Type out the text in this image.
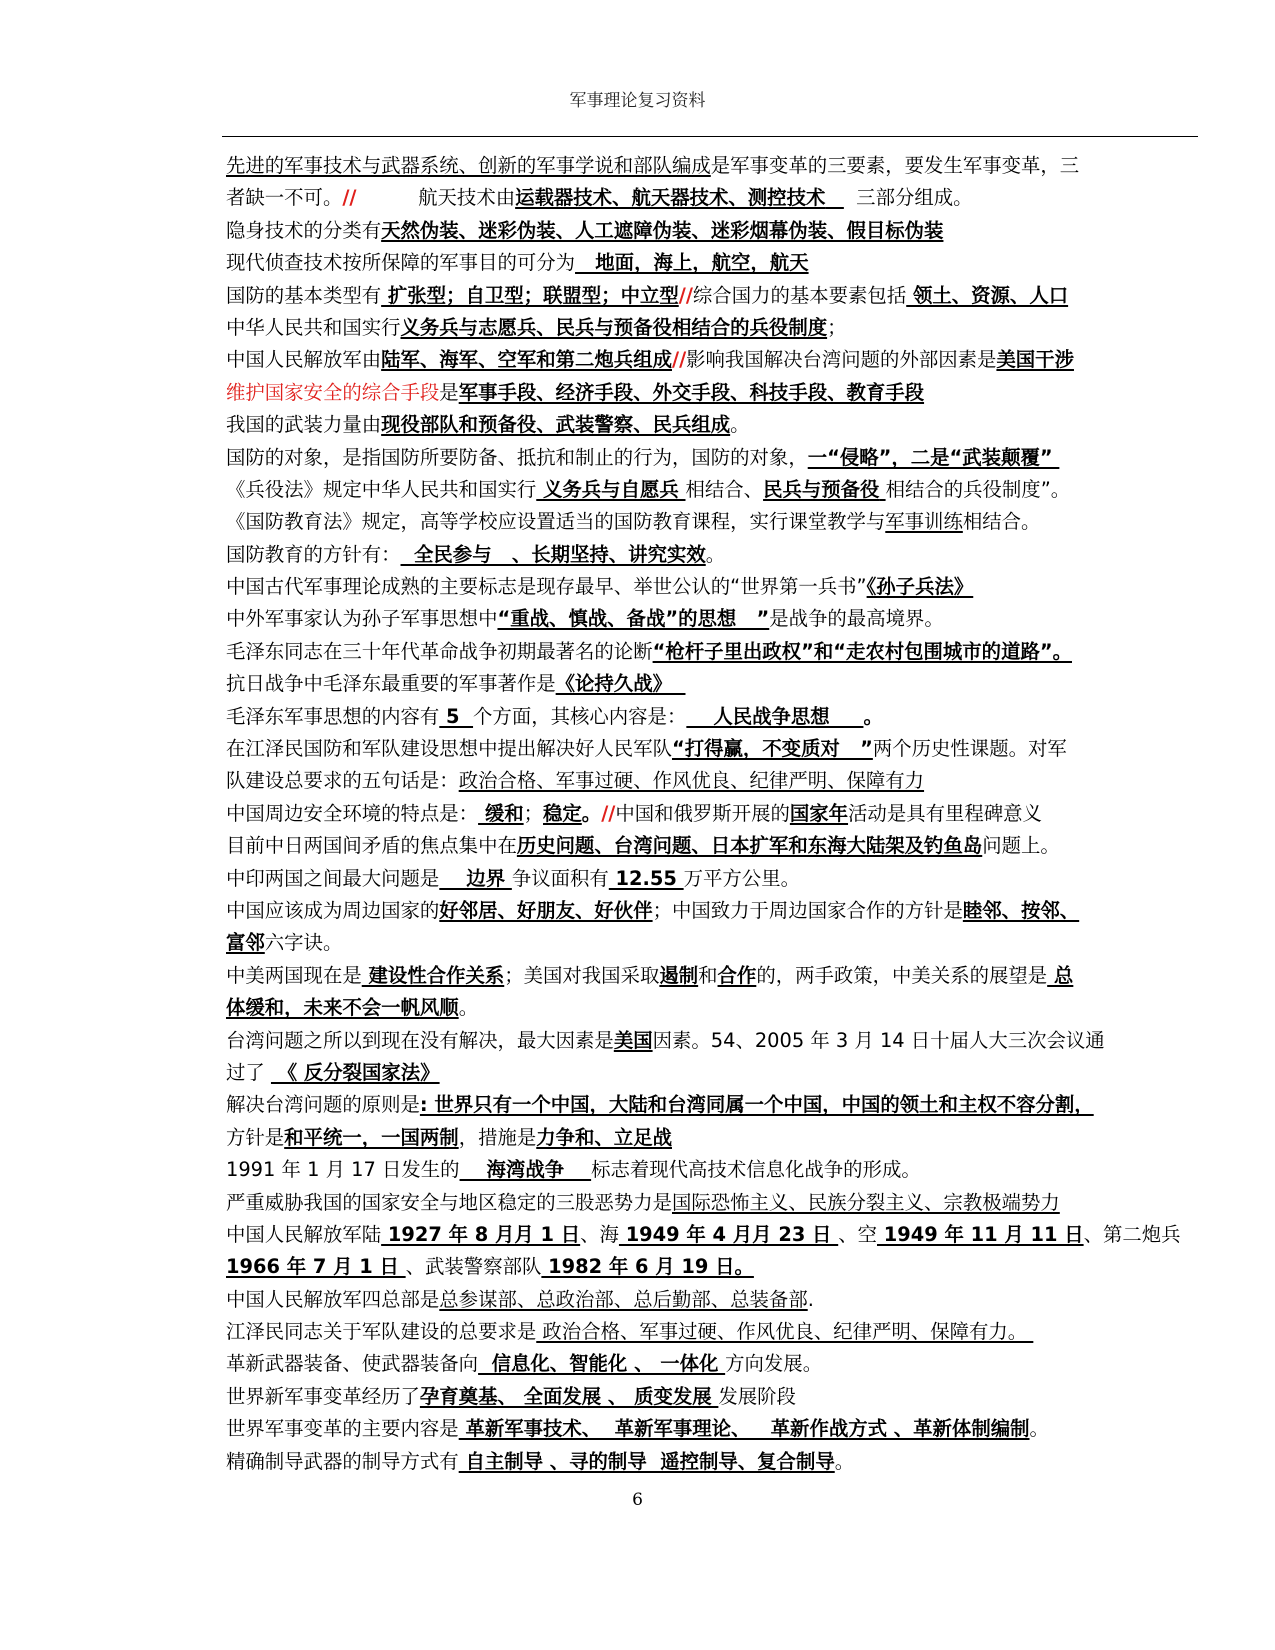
军事理论复习资料
先进的军事技术与武器系统、创新的军事学说和部队编成是军事变革的三要素，要发生军事变革，三
者缺一不可。//          航天技术由运载器技术、航天器技术、测控技术     三部分组成。
隐身技术的分类有天然伪装、迷彩伪装、人工遮障伪装、迷彩烟幕伪装、假目标伪装
现代侦查技术按所保障的军事目的可分为   地面，海上，航空，航天
国防的基本类型有 扩张型；自卫型；联盟型；中立型//综合国力的基本要素包括 领土、资源、人口
中华人民共和国实行义务兵与志愿兵、民兵与预备役相结合的兵役制度；
中国人民解放军由陆军、海军、空军和第二炮兵组成//影响我国解决台湾问题的外部因素是美国干涉
维护国家安全的综合手段是军事手段、经济手段、外交手段、科技手段、教育手段
我国的武装力量由现役部队和预备役、武装警察、民兵组成。
国防的对象，是指国防所要防备、抵抗和制止的行为，国防的对象，一“侵略”，二是“武装颠覆”
《兵役法》规定中华人民共和国实行 义务兵与自愿兵 相结合、民兵与预备役 相结合的兵役制度”。
《国防教育法》规定，高等学校应设置适当的国防教育课程，实行课堂教学与军事训练相结合。
国防教育的方针有：  全民参与   、长期坚持、讲究实效。
中国古代军事理论成熟的主要标志是现存最早、举世公认的“世界第一兵书”《孙子兵法》
中外军事家认为孙子军事思想中“重战、慎战、备战”的思想   ”是战争的最高境界。
毛泽东同志在三十年代革命战争初期最著名的论断“枪杆子里出政权”和“走农村包围城市的道路”。
抗日战争中毛泽东最重要的军事著作是《论持久战》
毛泽东军事思想的内容有 5  个方面，其核心内容是：    人民战争思想     。
在江泽民国防和军队建设思想中提出解决好人民军队“打得赢，不变质对   ”两个历史性课题。对军
队建设总要求的五句话是：政治合格、军事过硬、作风优良、纪律严明、保障有力
中国周边安全环境的特点是： 缓和；稳定。//中国和俄罗斯开展的国家年活动是具有里程碑意义
目前中日两国间矛盾的焦点集中在历史问题、台湾问题、日本扩军和东海大陆架及钓鱼岛问题上。
中印两国之间最大问题是    边界 争议面积有 12.55 万平方公里。
中国应该成为周边国家的好邻居、好朋友、好伙伴；中国致力于周边国家合作的方针是睦邻、按邻、
富邻六字诀。
中美两国现在是 建设性合作关系；美国对我国采取遏制和合作的，两手政策，中美关系的展望是 总
体缓和，未来不会一帆风顺。
台湾问题之所以到现在没有解决，最大因素是美国因素。54、2005 年 3 月 14 日十届人大三次会议通
过了  《 反分裂国家法》
解决台湾问题的原则是: 世界只有一个中国，大陆和台湾同属一个中国，中国的领土和主权不容分割，
方针是和平统一，一国两制，措施是力争和、立足战
1991 年 1 月 17 日发生的    海湾战争    标志着现代高技术信息化战争的形成。
严重威胁我国的国家安全与地区稳定的三股恶势力是国际恐怖主义、民族分裂主义、宗教极端势力
中国人民解放军陆 1927 年 8 月月 1 日、海 1949 年 4 月月 23 日 、空 1949 年 11 月 11 日、第二炮兵
1966 年 7 月 1 日 、武装警察部队 1982 年 6 月 19 日。
中国人民解放军四总部是总参谋部、总政治部、总后勤部、总装备部.
江泽民同志关于军队建设的总要求是 政治合格、军事过硬、作风优良、纪律严明、保障有力。
革新武器装备、使武器装备向  信息化、智能化 、 一体化 方向发展。
世界新军事变革经历了孕育奠基、 全面发展 、 质变发展 发展阶段
世界军事变革的主要内容是 革新军事技术、  革新军事理论、   革新作战方式 、革新体制编制。
精确制导武器的制导方式有 自主制导 、寻的制导  遥控制导、复合制导。
6
